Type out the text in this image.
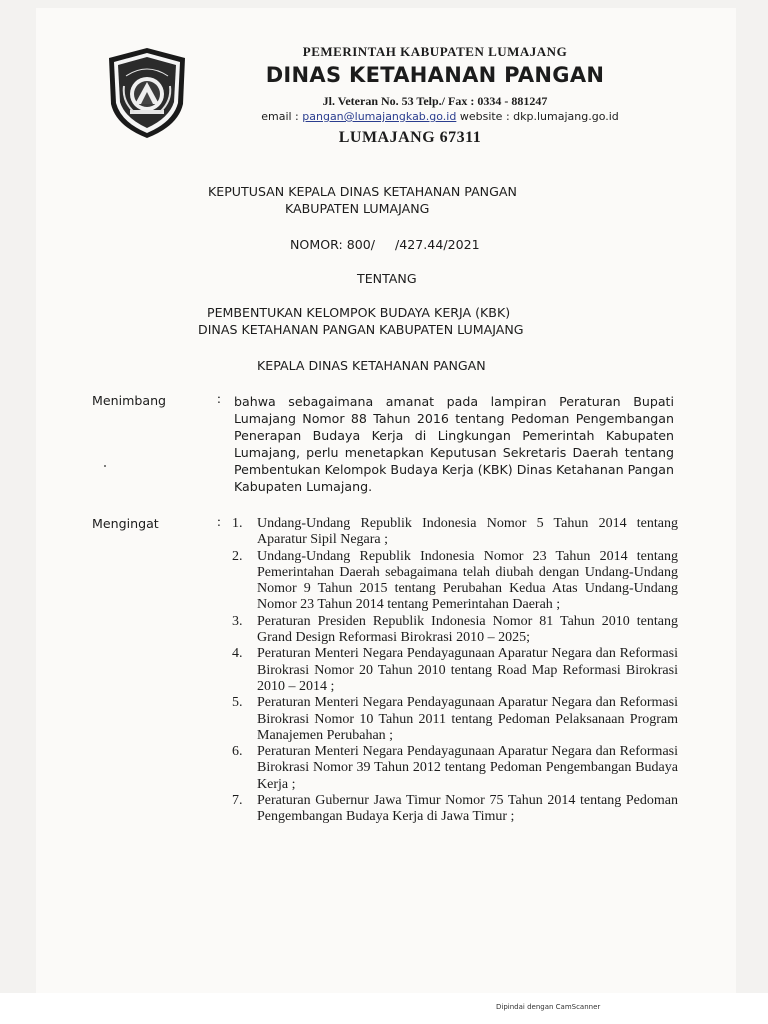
Dipindai dengan CamScanner
PEMERINTAH KABUPATEN LUMAJANG
DINAS KETAHANAN PANGAN
Jl. Veteran No. 53 Telp./ Fax : 0334 - 881247
email : pangan@lumajangkab.go.id website : dkp.lumajang.go.id
LUMAJANG 67311
KEPUTUSAN KEPALA DINAS KETAHANAN PANGAN
KABUPATEN LUMAJANG
NOMOR: 800/     /427.44/2021
TENTANG
PEMBENTUKAN KELOMPOK BUDAYA KERJA (KBK)
DINAS KETAHANAN PANGAN KABUPATEN LUMAJANG
KEPALA DINAS KETAHANAN PANGAN
Menimbang	: bahwa sebagaimana amanat pada lampiran Peraturan Bupati Lumajang Nomor 88 Tahun 2016 tentang Pedoman Pengembangan Penerapan Budaya Kerja di Lingkungan Pemerintah Kabupaten Lumajang, perlu menetapkan Keputusan Sekretaris Daerah tentang Pembentukan Kelompok Budaya Kerja (KBK) Dinas Ketahanan Pangan Kabupaten Lumajang.
Mengingat	: 1. Undang-Undang Republik Indonesia Nomor 5 Tahun 2014 tentang Aparatur Sipil Negara ;
2. Undang-Undang Republik Indonesia Nomor 23 Tahun 2014 tentang Pemerintahan Daerah sebagaimana telah diubah dengan Undang-Undang Nomor 9 Tahun 2015 tentang Perubahan Kedua Atas Undang-Undang Nomor 23 Tahun 2014 tentang Pemerintahan Daerah ;
3. Peraturan Presiden Republik Indonesia Nomor 81 Tahun 2010 tentang Grand Design Reformasi Birokrasi 2010 – 2025;
4. Peraturan Menteri Negara Pendayagunaan Aparatur Negara dan Reformasi Birokrasi Nomor 20 Tahun 2010 tentang Road Map Reformasi Birokrasi 2010 – 2014 ;
5. Peraturan Menteri Negara Pendayagunaan Aparatur Negara dan Reformasi Birokrasi Nomor 10 Tahun 2011 tentang Pedoman Pelaksanaan Program Manajemen Perubahan ;
6. Peraturan Menteri Negara Pendayagunaan Aparatur Negara dan Reformasi Birokrasi Nomor 39 Tahun 2012 tentang Pedoman Pengembangan Budaya Kerja ;
7. Peraturan Gubernur Jawa Timur Nomor 75 Tahun 2014 tentang Pedoman Pengembangan Budaya Kerja di Jawa Timur ;
